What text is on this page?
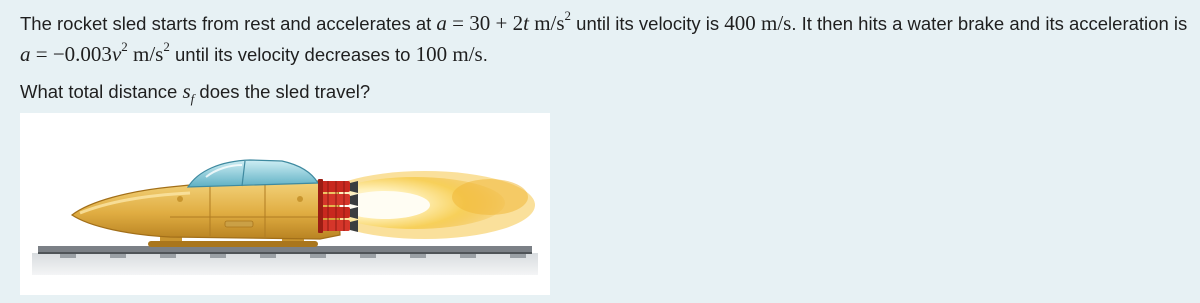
The rocket sled starts from rest and accelerates at a = 30 + 2t $m/s^2$ until its velocity is 400 m/s. It then hits a water brake and its acceleration is $a = -0.003v^2$ $m/s^2$ until its velocity decreases to 100 m/s.

What total distance $s_f$ does the sled travel?
